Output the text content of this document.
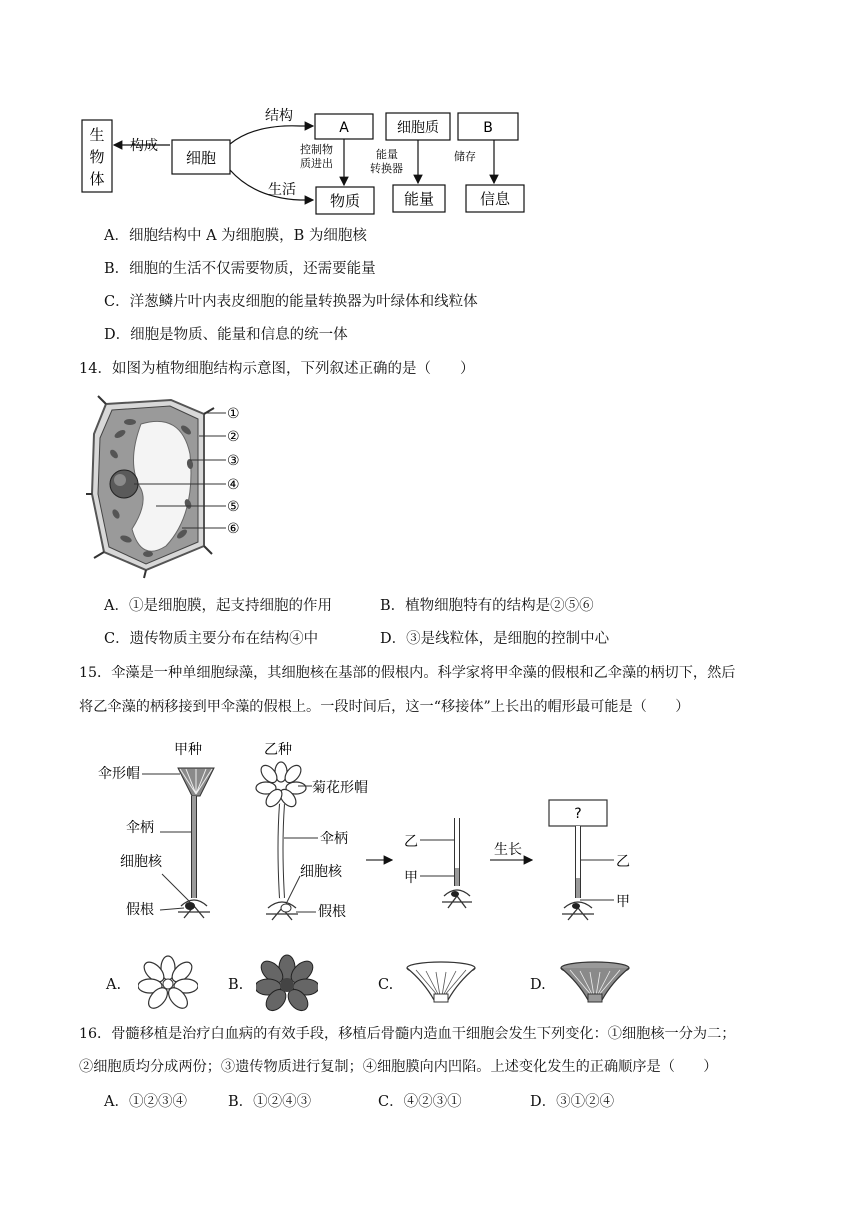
生
物
体
构成
细胞
结构
生活
A
控制物
质进出
物质
细胞质
能量
转换器
能量
B
储存
信息
A．细胞结构中 A 为细胞膜，B 为细胞核
B．细胞的生活不仅需要物质，还需要能量
C．洋葱鳞片叶内表皮细胞的能量转换器为叶绿体和线粒体
D．细胞是物质、能量和信息的统一体
14．如图为植物细胞结构示意图，下列叙述正确的是（　　）
①
②
③
④
⑤
⑥
A．①是细胞膜，起支持细胞的作用	B．植物细胞特有的结构是②⑤⑥
C．遗传物质主要分布在结构④中	D．③是线粒体，是细胞的控制中心
15．伞藻是一种单细胞绿藻，其细胞核在基部的假根内。科学家将甲伞藻的假根和乙伞藻的柄切下，然后
将乙伞藻的柄移接到甲伞藻的假根上。一段时间后，这一“移接体”上长出的帽形最可能是（　　）
甲种
伞形帽
伞柄
细胞核
假根
乙种
菊花形帽
伞柄
细胞核
假根
乙
甲
生长
?
乙
甲
A.	B.	C.	D.
16．骨髓移植是治疗白血病的有效手段，移植后骨髓内造血干细胞会发生下列变化：①细胞核一分为二；
②细胞质均分成两份；③遗传物质进行复制；④细胞膜向内凹陷。上述变化发生的正确顺序是（　　）
A．①②③④	B．①②④③	C．④②③①	D．③①②④
